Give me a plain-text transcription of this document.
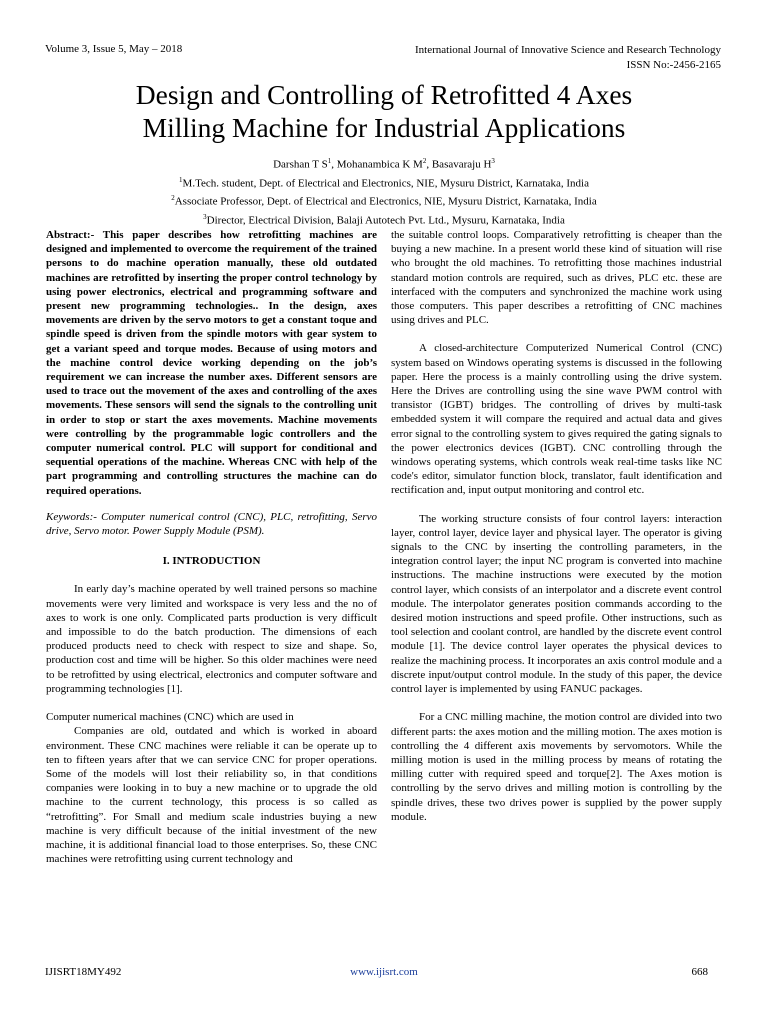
Volume 3, Issue 5, May – 2018	International Journal of Innovative Science and Research Technology
ISSN No:-2456-2165
Design and Controlling of Retrofitted 4 Axes
Milling Machine for Industrial Applications
Darshan T $S^1$, Mohanambica K $M^2$, Basavaraju $H^3$
$^1$M.Tech. student, Dept. of Electrical and Electronics, NIE, Mysuru District, Karnataka, India
$^2$Associate Professor, Dept. of Electrical and Electronics, NIE, Mysuru District, Karnataka, India
$^3$Director, Electrical Division, Balaji Autotech Pvt. Ltd., Mysuru, Karnataka, India

Abstract:- This paper describes how retrofitting machines are designed and implemented to overcome the requirement of the trained persons to do machine operation manually, these old outdated machines are retrofitted by inserting the proper control technology by using power electronics, electrical and programming software and present new programming technologies.. In the design, axes movements are driven by the servo motors to get a constant toque and spindle speed is driven from the spindle motors with gear system to get a variant speed and torque modes. Because of using motors and the machine control device working depending on the job’s requirement we can increase the number axes. Different sensors are used to trace out the movement of the axes and controlling of the axes movements. These sensors will send the signals to the controlling unit in order to stop or start the axes movements. Machine movements were controlling by the programmable logic controllers and the computer numerical control. PLC will support for conditional and sequential operations of the machine. Whereas CNC with help of the part programming and controlling structures the machine can do required operations.

Keywords:- Computer numerical control (CNC), PLC, retrofitting, Servo drive, Servo motor. Power Supply Module (PSM).

I. INTRODUCTION

In early day’s machine operated by well trained persons so machine movements were very limited and workspace is very less and the no of axes to work is one only. Complicated parts production is very difficult and impossible to do the batch production. The dimensions of each produced products need to check with respect to size and shape. So, production cost and time will be higher. So this older machines were need to be retrofitted by using electrical, electronics and computer software and programming technologies [1].

Computer numerical machines (CNC) which are used in

Companies are old, outdated and which is worked in aboard environment. These CNC machines were reliable it can be operate up to ten to fifteen years after that we can service CNC for proper operations. Some of the models will lost their reliability so, in that conditions companies were looking in to buy a new machine or to upgrade the old machine to the current technology, this process is so called as “retrofitting”. For Small and medium scale industries buying a new machine is very difficult because of the initial investment of the new machine, it is additional financial load to those enterprises. So, these CNC machines were retrofitting using current technology and

the suitable control loops. Comparatively retrofitting is cheaper than the buying a new machine. In a present world these kind of situation will rise who brought the old machines. To retrofitting those machines industrial standard motion controls are required, such as drives, PLC etc. these are interfaced with the computers and synchronized the machine work using those computers. This paper describes a retrofitting of CNC machines using drives and PLC.

A closed-architecture Computerized Numerical Control (CNC) system based on Windows operating systems is discussed in the following paper. Here the process is a mainly controlling using the drive system. Here the Drives are controlling using the sine wave PWM control with transistor (IGBT) bridges. The controlling of drives by multi-task embedded system it will compare the required and actual data and gives error signal to the controlling system to gives required the gating signals to the power electronics devices (IGBT). CNC controlling through the windows operating systems, which controls weak real-time tasks like NC code's editor, simulator function block, translator, fault identification and rectification and, input output monitoring and control etc.

The working structure consists of four control layers: interaction layer, control layer, device layer and physical layer. The operator is giving signals to the CNC by inserting the controlling parameters, in the integration control layer; the input NC program is converted into machine instructions. The machine instructions were executed by the motion control layer, which consists of an interpolator and a discrete event control module. The interpolator generates position commands according to the desired motion instructions and speed profile. Other instructions, such as tool selection and coolant control, are handled by the discrete event control module [1]. The device control layer operates the physical devices to realize the machining process. It incorporates an axis control module and a discrete input/output control module. In the study of this paper, the device control layer is implemented by using FANUC packages.

For a CNC milling machine, the motion control are divided into two different parts: the axes motion and the milling motion. The axes motion is controlling the 4 different axis movements by servomotors. While the milling motion is used in the milling process by means of rotating the milling cutter with required speed and torque[2]. The Axes motion is controlling by the servo drives and milling motion is controlling by the spindle drives, these two drives power is supplied by the power supply module.

IJISRT18MY492	www.ijisrt.com	668
